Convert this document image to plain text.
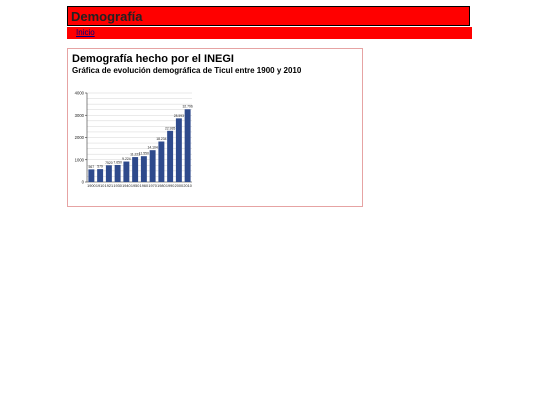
Demografía
Inicio
Demografía hecho por el INEGI
Gráfica de evolución demográfica de Ticul entre 1900 y 2010
0
1000
2000
3000
4000
567
1900
579
1910
7520
1921
7.650
1930
9.224
1940
11.223
1950
11.550
1960
14.104
1970
18.234
1980
22.935
1990
28.593
2000
32.796
2010
